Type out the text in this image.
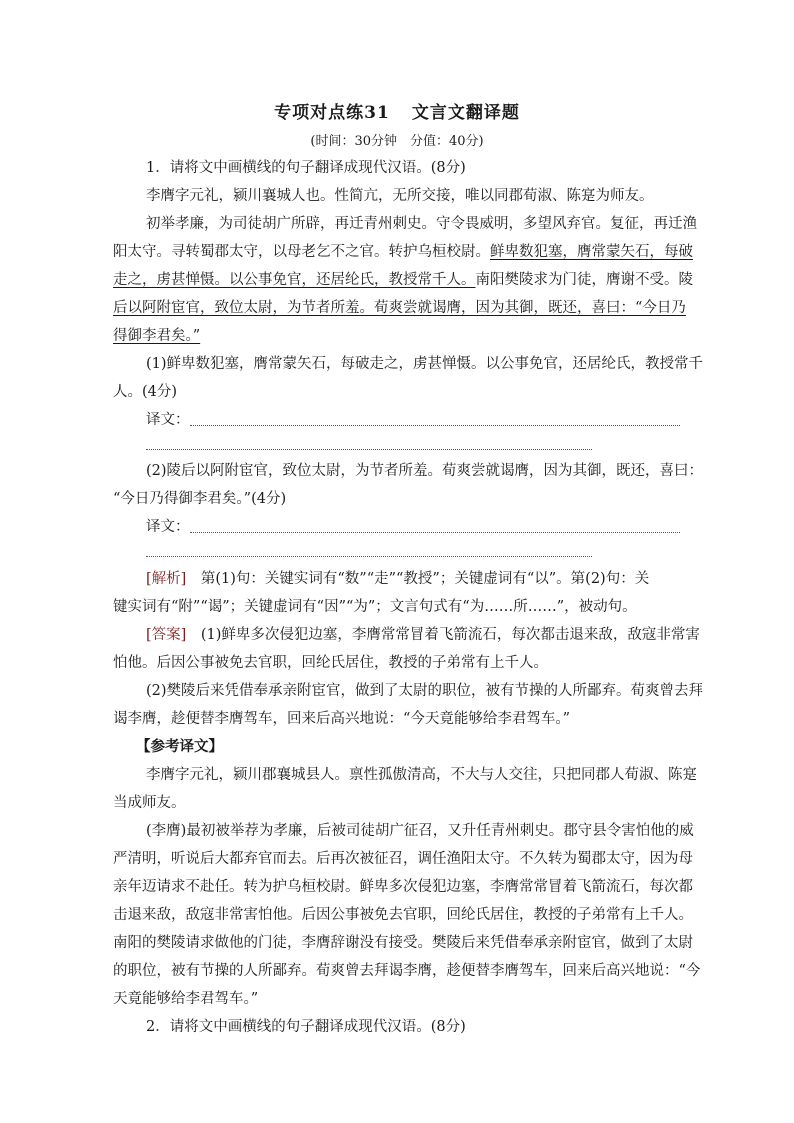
专项对点练31 文言文翻译题
(时间：30分钟　分值：40分)
1．请将文中画横线的句子翻译成现代汉语。(8分)
李膺字元礼，颍川襄城人也。性简亢，无所交接，唯以同郡荀淑、陈寔为师友。
初举孝廉，为司徒胡广所辟，再迁青州刺史。守令畏威明，多望风弃官。复征，再迁渔
阳太守。寻转蜀郡太守，以母老乞不之官。转护乌桓校尉。鲜卑数犯塞，膺常蒙矢石，每破
走之，虏甚惮慑。以公事免官，还居纶氏，教授常千人。南阳樊陵求为门徒，膺谢不受。陵
后以阿附宦官，致位太尉，为节者所羞。荀爽尝就谒膺，因为其御，既还，喜曰：“今日乃
得御李君矣。”
(1)鲜卑数犯塞，膺常蒙矢石，每破走之，虏甚惮慑。以公事免官，还居纶氏，教授常千
人。(4分)
译文：
(2)陵后以阿附宦官，致位太尉，为节者所羞。荀爽尝就谒膺，因为其御，既还，喜曰：
“今日乃得御李君矣。”(4分)
译文：
[解析]　第(1)句：关键实词有“数”“走”“教授”；关键虚词有“以”。第(2)句：关
键实词有“附”“谒”；关键虚词有“因”“为”；文言句式有“为……所……”，被动句。
[答案]　(1)鲜卑多次侵犯边塞，李膺常常冒着飞箭流石，每次都击退来敌，敌寇非常害
怕他。后因公事被免去官职，回纶氏居住，教授的子弟常有上千人。
(2)樊陵后来凭借奉承亲附宦官，做到了太尉的职位，被有节操的人所鄙弃。荀爽曾去拜
谒李膺，趁便替李膺驾车，回来后高兴地说：“今天竟能够给李君驾车。”
【参考译文】
李膺字元礼，颍川郡襄城县人。禀性孤傲清高，不大与人交往，只把同郡人荀淑、陈寔
当成师友。
(李膺)最初被举荐为孝廉，后被司徒胡广征召，又升任青州刺史。郡守县令害怕他的威
严清明，听说后大都弃官而去。后再次被征召，调任渔阳太守。不久转为蜀郡太守，因为母
亲年迈请求不赴任。转为护乌桓校尉。鲜卑多次侵犯边塞，李膺常常冒着飞箭流石，每次都
击退来敌，敌寇非常害怕他。后因公事被免去官职，回纶氏居住，教授的子弟常有上千人。
南阳的樊陵请求做他的门徒，李膺辞谢没有接受。樊陵后来凭借奉承亲附宦官，做到了太尉
的职位，被有节操的人所鄙弃。荀爽曾去拜谒李膺，趁便替李膺驾车，回来后高兴地说：“今
天竟能够给李君驾车。”
2．请将文中画横线的句子翻译成现代汉语。(8分)
